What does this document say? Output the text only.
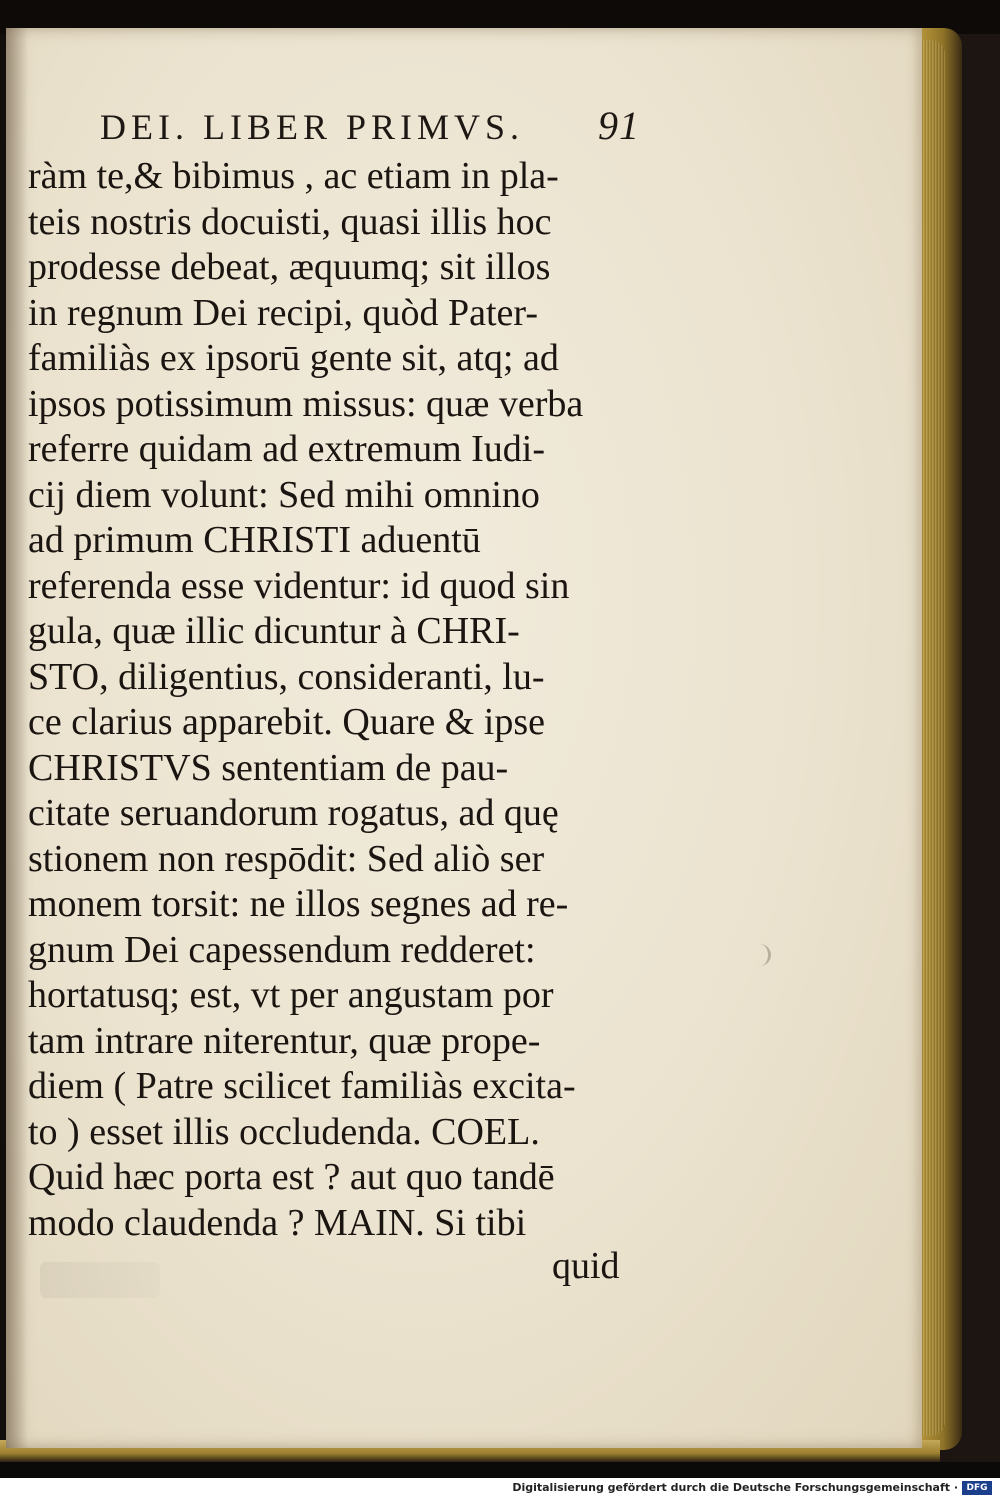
DEI. LIBER PRIMVS. 91
ràm te,& bibimus , ac etiam in pla-
teis nostris docuisti, quasi illis hoc
prodesse debeat, æquumq; sit illos
in regnum Dei recipi, quòd Pater-
familiàs ex ipsorū gente sit, atq; ad
ipsos potissimum missus: quæ verba
referre quidam ad extremum Iudi-
cij diem volunt: Sed mihi omnino
ad primum CHRISTI aduentū
referenda esse videntur: id quod sin
gula, quæ illic dicuntur à CHRI-
STO, diligentius, consideranti, lu-
ce clarius apparebit. Quare & ipse
CHRISTVS sententiam de pau-
citate seruandorum rogatus, ad quę
stionem non respōdit: Sed aliò ser
monem torsit: ne illos segnes ad re-
gnum Dei capessendum redderet:
hortatusq; est, vt per angustam por
tam intrare niterentur, quæ prope-
diem ( Patre scilicet familiàs excita-
to ) esset illis occludenda. COEL.
Quid hæc porta est ? aut quo tandē
modo claudenda ? MAIN. Si tibi
quid
Digitalisierung gefördert durch die Deutsche Forschungsgemeinschaft · DFG
